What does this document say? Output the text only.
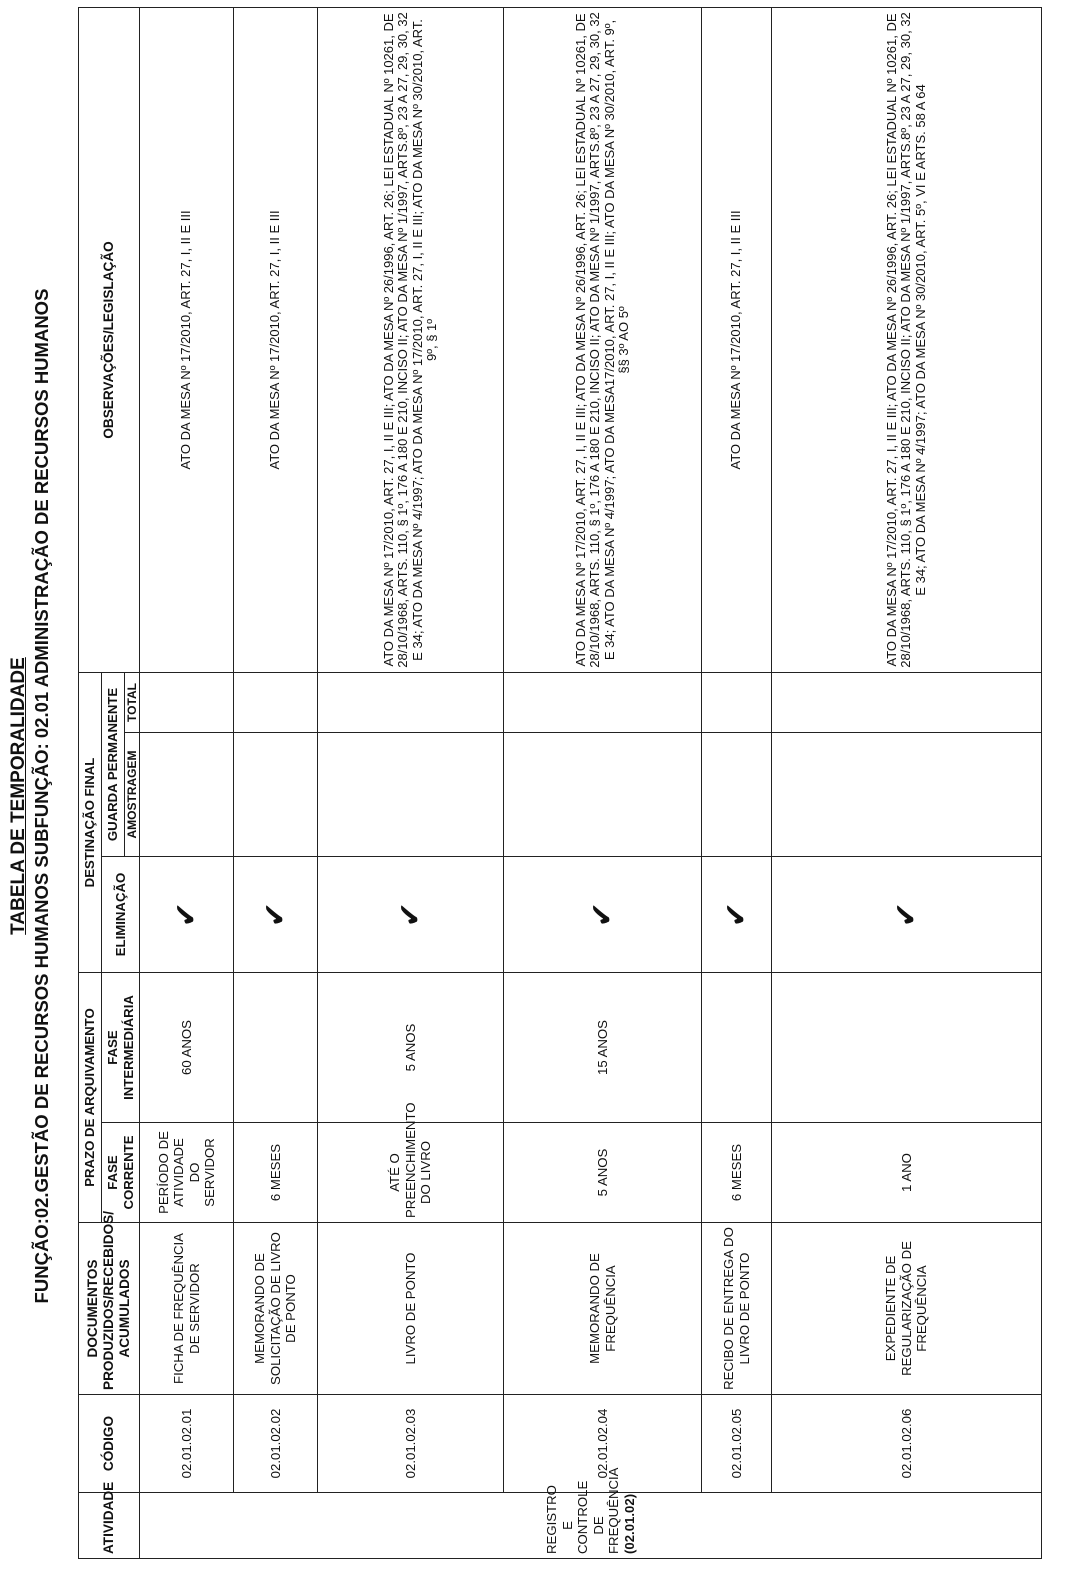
TABELA DE TEMPORALIDADE FUNÇÃO:02.GESTÃO DE RECURSOS HUMANOS SUBFUNÇÃO: 02.01 ADMINISTRAÇÃO DE RECURSOS HUMANOS
ATIVIDADE	CÓDIGO	DOCUMENTOS PRODUZIDOS/RECEBIDOS/ ACUMULADOS	PRAZO DE ARQUIVAMENTO		DESTINAÇÃO FINAL			OBSERVAÇÕES/LEGISLAÇÃO
			FASE CORRENTE	FASE INTERMEDIÁRIA	ELIMINAÇÃO	GUARDA PERMANENTE		
						AMOSTRAGEM	TOTAL	
REGISTRO E CONTROLE DE FREQUÊNCIA
(02.01.02)	02.01.02.01	FICHA DE FREQUÊNCIA DE SERVIDOR	PERÍODO DE ATIVIDADE DO SERVIDOR	60 ANOS	✔			ATO DA MESA Nº 17/2010, ART. 27, I, II E III
	02.01.02.02	MEMORANDO DE SOLICITAÇÃO DE LIVRO DE PONTO	6 MESES		✔			ATO DA MESA Nº 17/2010, ART. 27, I, II E III
	02.01.02.03	LIVRO DE PONTO	ATÉ O PREENCHIMENTO DO LIVRO	5 ANOS	✔			ATO DA MESA Nº 17/2010, ART. 27, I, II E III; ATO DA MESA Nº 26/1996, ART. 26; LEI ESTADUAL Nº 10261, DE 28/10/1968, ARTS. 110, § 1º, 176 A 180 E 210, INCISO II; ATO DA MESA Nº 1/1997, ARTS.8º, 23 A 27, 29, 30, 32 E 34; ATO DA MESA Nº 4/1997; ATO DA MESA Nº 17/2010, ART. 27, I, II E III; ATO DA MESA Nº 30/2010, ART. 9º, § 1º
	02.01.02.04	MEMORANDO DE FREQUÊNCIA	5 ANOS	15 ANOS	✔			ATO DA MESA Nº 17/2010, ART. 27, I, II E III; ATO DA MESA Nº 26/1996, ART. 26; LEI ESTADUAL Nº 10261, DE 28/10/1968, ARTS. 110, § 1º, 176 A 180 E 210, INCISO II; ATO DA MESA Nº 1/1997, ARTS.8º, 23 A 27, 29, 30, 32 E 34; ATO DA MESA Nº 4/1997; ATO DA MESA17/2010, ART. 27, I, II E III; ATO DA MESA Nº 30/2010, ART. 9º, §§ 3º AO 5º
	02.01.02.05	RECIBO DE ENTREGA DO LIVRO DE PONTO	6 MESES		✔			ATO DA MESA Nº 17/2010, ART. 27, I, II E III
	02.01.02.06	EXPEDIENTE DE REGULARIZAÇÃO DE FREQUÊNCIA	1 ANO		✔			ATO DA MESA Nº 17/2010, ART. 27, I, II E III; ATO DA MESA Nº 26/1996, ART. 26; LEI ESTADUAL Nº 10261, DE 28/10/1968, ARTS. 110, § 1º, 176 A 180 E 210, INCISO II; ATO DA MESA Nº 1/1997, ARTS.8º, 23 A 27, 29, 30, 32 E 34; ATO DA MESA Nº 4/1997; ATO DA MESA Nº 30/2010, ART. 5º, VI E ARTS. 58 A 64
